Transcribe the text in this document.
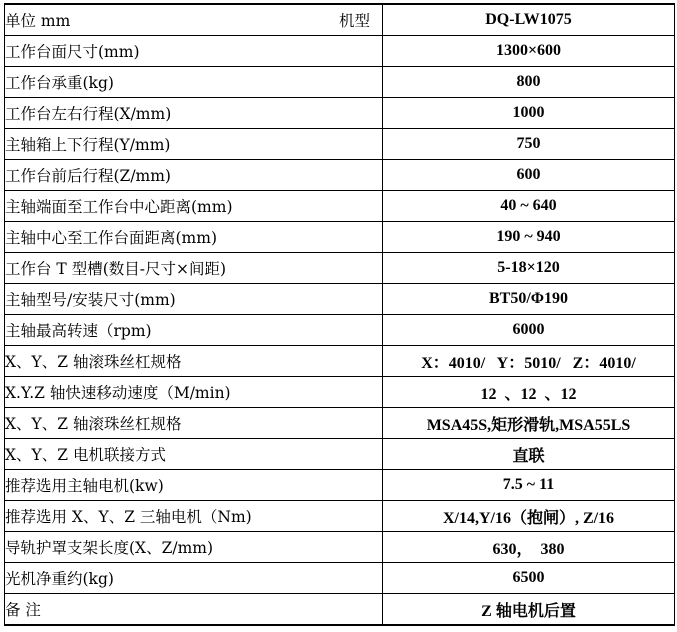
单位 mm 机型	DQ-LW1075
工作台面尺寸(mm)	1300×600
工作台承重(kg)	800
工作台左右行程(X/mm)	1000
主轴箱上下行程(Y/mm)	750
工作台前后行程(Z/mm)	600
主轴端面至工作台中心距离(mm)	40 ~ 640
主轴中心至工作台面距离(mm)	190 ~ 940
工作台 T 型槽(数目-尺寸×间距)	5-18×120
主轴型号/安装尺寸(mm)	BT50/Φ190
主轴最高转速（rpm)	6000
X、Y、Z 轴滚珠丝杠规格	X：4010/   Y：5010/   Z：4010/
X.Y.Z 轴快速移动速度（M/min)	12  、12  、12
X、Y、Z 轴滚珠丝杠规格	MSA45S,矩形滑轨,MSA55LS
X、Y、Z 电机联接方式	直联
推荐选用主轴电机(kw)	7.5 ~ 11
推荐选用 X、Y、Z 三轴电机（Nm)	X/14,Y/16（抱闸）, Z/16
导轨护罩支架长度(X、Z/mm)	630，  380
光机净重约(kg)	6500
备 注	Z 轴电机后置
